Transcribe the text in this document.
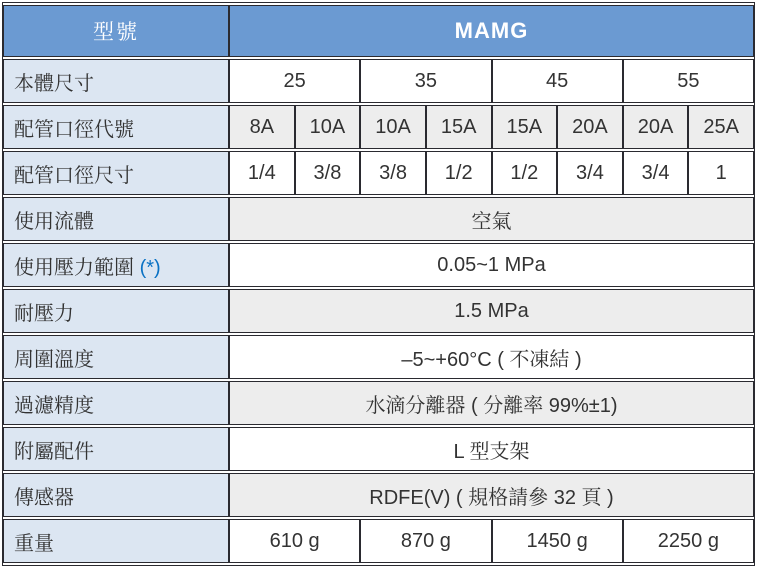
型號	MAMG							
本體尺寸	25		35		45		55	
配管口徑代號	8A	10A	10A	15A	15A	20A	20A	25A
配管口徑尺寸	1/4	3/8	3/8	1/2	1/2	3/4	3/4	1
使用流體	空氣							
使用壓力範圍 (*)	0.05~1 MPa							
耐壓力	1.5 MPa							
周圍溫度	–5~+60°C ( 不凍結 )							
過濾精度	水滴分離器 ( 分離率 99%±1)							
附屬配件	L 型支架							
傳感器	RDFE(V) ( 規格請參 32 頁 )							
重量	610 g		870 g		1450 g		2250 g	
